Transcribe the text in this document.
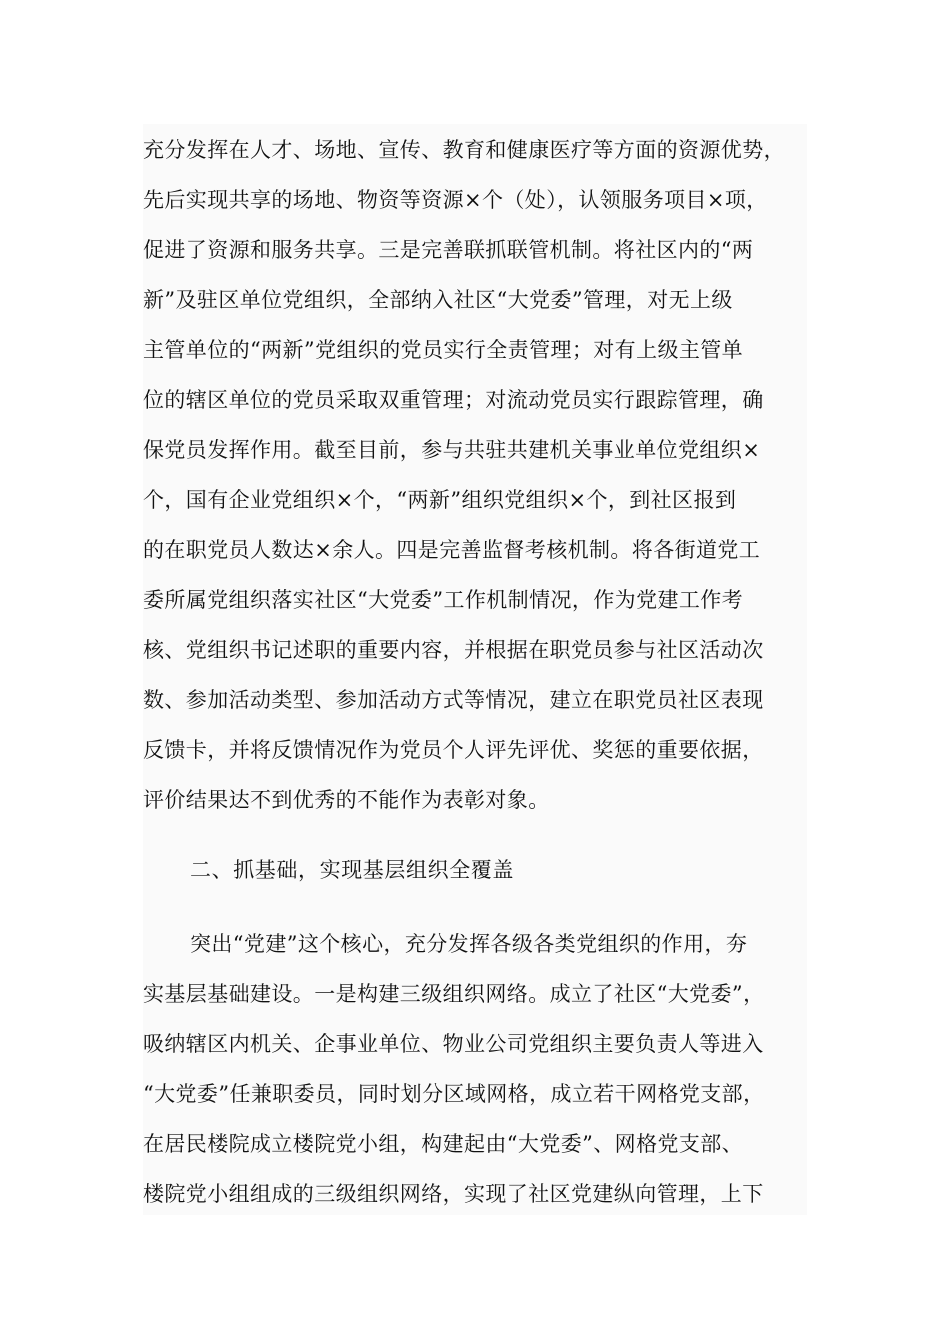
充分发挥在人才、场地、宣传、教育和健康医疗等方面的资源优势，
先后实现共享的场地、物资等资源×个（处），认领服务项目×项，
促进了资源和服务共享。三是完善联抓联管机制。将社区内的“两
新”及驻区单位党组织，全部纳入社区“大党委”管理，对无上级
主管单位的“两新”党组织的党员实行全责管理；对有上级主管单
位的辖区单位的党员采取双重管理；对流动党员实行跟踪管理，确
保党员发挥作用。截至目前，参与共驻共建机关事业单位党组织×
个，国有企业党组织×个，“两新”组织党组织×个，到社区报到
的在职党员人数达×余人。四是完善监督考核机制。将各街道党工
委所属党组织落实社区“大党委”工作机制情况，作为党建工作考
核、党组织书记述职的重要内容，并根据在职党员参与社区活动次
数、参加活动类型、参加活动方式等情况，建立在职党员社区表现
反馈卡，并将反馈情况作为党员个人评先评优、奖惩的重要依据，
评价结果达不到优秀的不能作为表彰对象。
二、抓基础，实现基层组织全覆盖
突出“党建”这个核心，充分发挥各级各类党组织的作用，夯
实基层基础建设。一是构建三级组织网络。成立了社区“大党委”，
吸纳辖区内机关、企事业单位、物业公司党组织主要负责人等进入
“大党委”任兼职委员，同时划分区域网格，成立若干网格党支部，
在居民楼院成立楼院党小组，构建起由“大党委”、网格党支部、
楼院党小组组成的三级组织网络，实现了社区党建纵向管理，上下
